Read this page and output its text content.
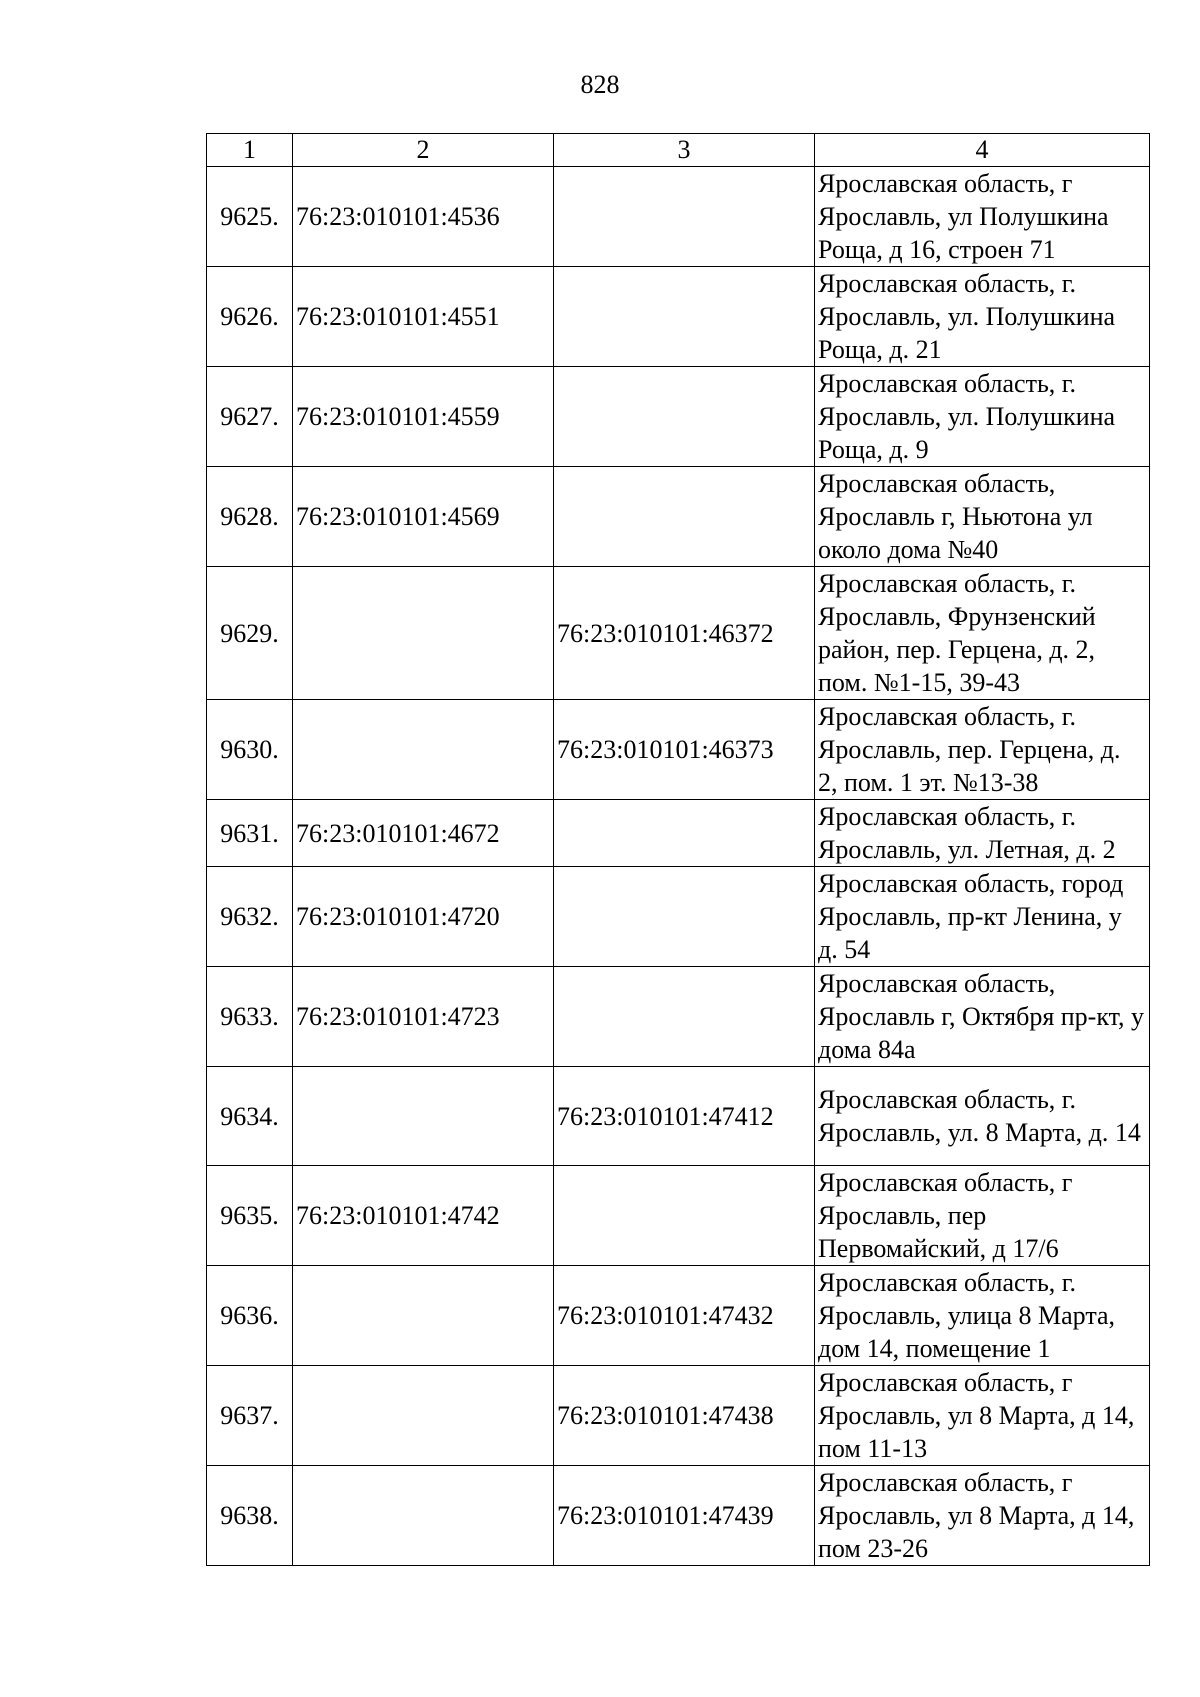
828
1	2	3	4
9625.	76:23:010101:4536		Ярославская область, г Ярославль, ул Полушкина Роща, д 16, строен 71
9626.	76:23:010101:4551		Ярославская область, г. Ярославль, ул. Полушкина Роща, д. 21
9627.	76:23:010101:4559		Ярославская область, г. Ярославль, ул. Полушкина Роща, д. 9
9628.	76:23:010101:4569		Ярославская область, Ярославль г, Ньютона ул около дома №40
9629.		76:23:010101:46372	Ярославская область, г. Ярославль, Фрунзенский район, пер. Герцена, д. 2, пом. №1-15, 39-43
9630.		76:23:010101:46373	Ярославская область, г. Ярославль, пер. Герцена, д. 2, пом. 1 эт. №13-38
9631.	76:23:010101:4672		Ярославская область, г. Ярославль, ул. Летная, д. 2
9632.	76:23:010101:4720		Ярославская область, город Ярославль, пр-кт Ленина, у д. 54
9633.	76:23:010101:4723		Ярославская область, Ярославль г, Октября пр-кт, у дома 84а
9634.		76:23:010101:47412	Ярославская область, г. Ярославль, ул. 8 Марта, д. 14
9635.	76:23:010101:4742		Ярославская область, г Ярославль, пер Первомайский, д 17/6
9636.		76:23:010101:47432	Ярославская область, г. Ярославль, улица 8 Марта, дом 14, помещение 1
9637.		76:23:010101:47438	Ярославская область, г Ярославль, ул 8 Марта, д 14, пом 11-13
9638.		76:23:010101:47439	Ярославская область, г Ярославль, ул 8 Марта, д 14, пом 23-26
